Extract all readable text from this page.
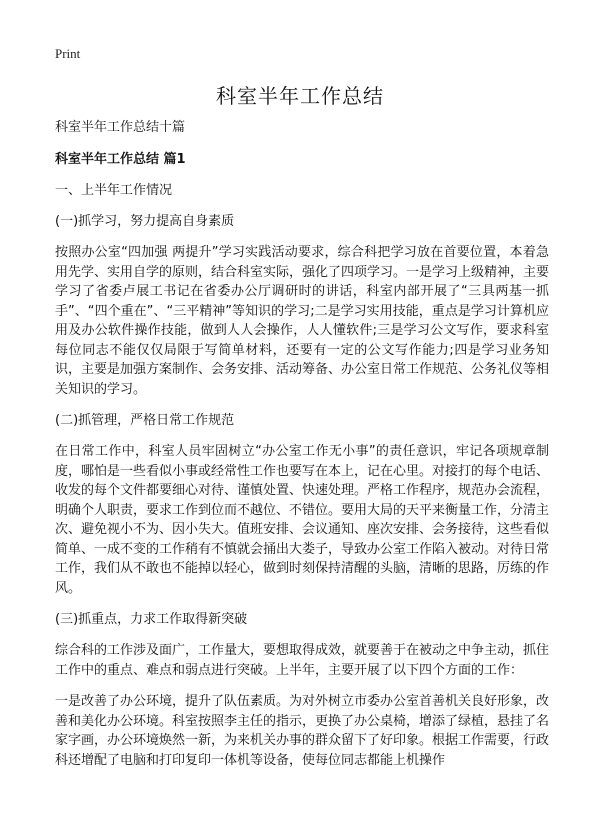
Print
科室半年工作总结

科室半年工作总结十篇

科室半年工作总结 篇1

一、上半年工作情况

(一)抓学习，努力提高自身素质

按照办公室“四加强 两提升”学习实践活动要求，综合科把学习放在首要位置，本着急用先学、实用自学的原则，结合科室实际，强化了四项学习。一是学习上级精神，主要学习了省委卢展工书记在省委办公厅调研时的讲话，科室内部开展了“三具两基一抓手”、“四个重在”、“三平精神”等知识的学习;二是学习实用技能，重点是学习计算机应用及办公软件操作技能，做到人人会操作，人人懂软件;三是学习公文写作，要求科室每位同志不能仅仅局限于写简单材料，还要有一定的公文写作能力;四是学习业务知识，主要是加强方案制作、会务安排、活动筹备、办公室日常工作规范、公务礼仪等相关知识的学习。

(二)抓管理，严格日常工作规范

在日常工作中，科室人员牢固树立“办公室工作无小事”的责任意识，牢记各项规章制度，哪怕是一些看似小事或经常性工作也要写在本上，记在心里。对接打的每个电话、收发的每个文件都要细心对待、谨慎处置、快速处理。严格工作程序，规范办会流程，明确个人职责，要求工作到位而不越位、不错位。要用大局的天平来衡量工作，分清主次、避免视小不为、因小失大。值班安排、会议通知、座次安排、会务接待，这些看似简单、一成不变的工作稍有不慎就会捅出大娄子，导致办公室工作陷入被动。对待日常工作，我们从不敢也不能掉以轻心，做到时刻保持清醒的头脑，清晰的思路，厉练的作风。

(三)抓重点，力求工作取得新突破

综合科的工作涉及面广，工作量大，要想取得成效，就要善于在被动之中争主动，抓住工作中的重点、难点和弱点进行突破。上半年，主要开展了以下四个方面的工作：

一是改善了办公环境，提升了队伍素质。为对外树立市委办公室首善机关良好形象，改善和美化办公环境。科室按照李主任的指示，更换了办公桌椅，增添了绿植，悬挂了名家字画，办公环境焕然一新，为来机关办事的群众留下了好印象。根据工作需要，行政科还增配了电脑和打印复印一体机等设备，使每位同志都能上机操作
